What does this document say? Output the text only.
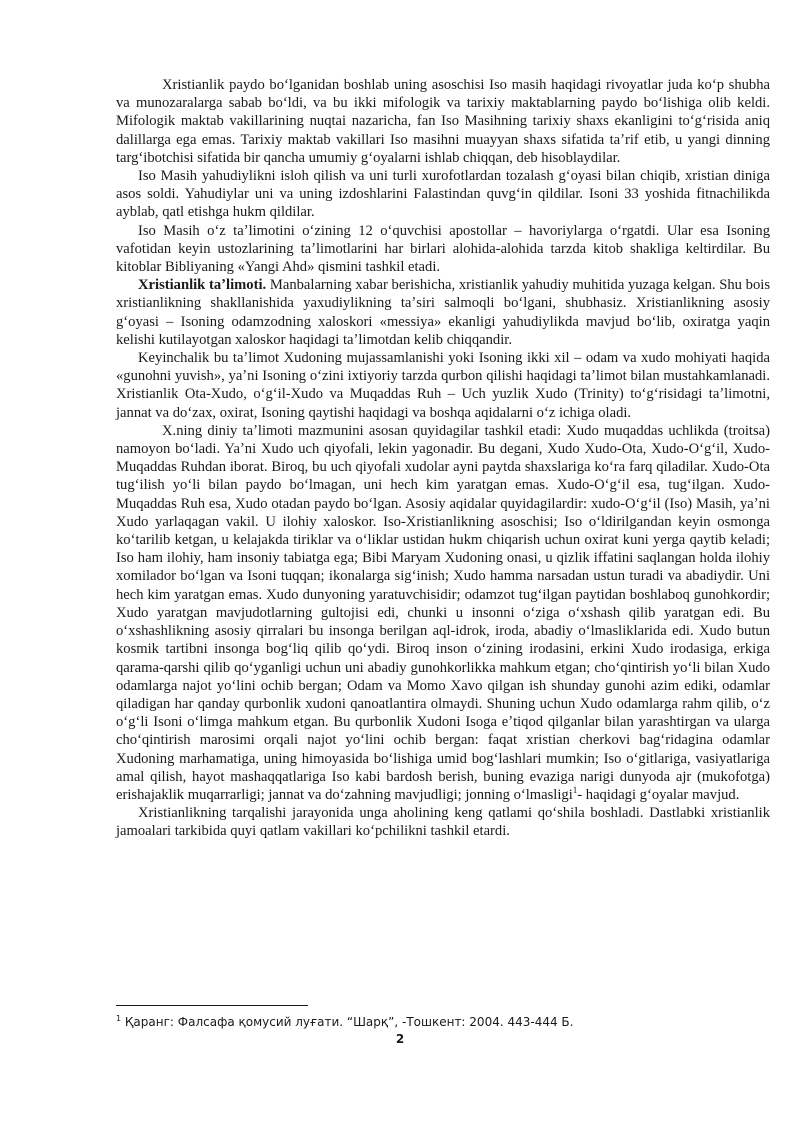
Xristianlik paydo boʻlganidan boshlab uning asoschisi Iso masih haqidagi rivoyatlar juda koʻp shubha va munozaralarga sabab boʻldi, va bu ikki mifologik va tarixiy maktablarning paydo boʻlishiga olib keldi. Mifologik maktab vakillarining nuqtai nazaricha, fan Iso Masihning tarixiy shaxs ekanligini toʻgʻrisida aniq dalillarga ega emas. Tarixiy maktab vakillari Iso masihni muayyan shaxs sifatida taʼrif etib, u yangi dinning targʻibotchisi sifatida bir qancha umumiy gʻoyalarni ishlab chiqqan, deb hisoblaydilar.

Iso Masih yahudiylikni isloh qilish va uni turli xurofotlardan tozalash gʻoyasi bilan chiqib, xristian diniga asos soldi. Yahudiylar uni va uning izdoshlarini Falastindan quvgʻin qildilar. Isoni 33 yoshida fitnachilikda ayblab, qatl etishga hukm qildilar.

Iso Masih oʻz taʼlimotini oʻzining 12 oʻquvchisi apostollar – havoriylarga oʻrgatdi. Ular esa Isoning vafotidan keyin ustozlarining taʼlimotlarini har birlari alohida-alohida tarzda kitob shakliga keltirdilar. Bu kitoblar Bibliyaning «Yangi Ahd» qismini tashkil etadi.

Xristianlik taʼlimoti. Manbalarning xabar berishicha, xristianlik yahudiy muhitida yuzaga kelgan. Shu bois xristianlikning shakllanishida yaxudiylikning taʼsiri salmoqli boʻlgani, shubhasiz. Xristianlikning asosiy gʻoyasi – Isoning odamzodning xaloskori «messiya» ekanligi yahudiylikda mavjud boʻlib, oxiratga yaqin kelishi kutilayotgan xaloskor haqidagi taʼlimotdan kelib chiqqandir.

Keyinchalik bu taʼlimot Xudoning mujassamlanishi yoki Isoning ikki xil – odam va xudo mohiyati haqida «gunohni yuvish», yaʼni Isoning oʻzini ixtiyoriy tarzda qurbon qilishi haqidagi taʼlimot bilan mustahkamlanadi. Xristianlik Ota-Xudo, oʻgʻil-Xudo va Muqaddas Ruh – Uch yuzlik Xudo (Trinity) toʻgʻrisidagi taʼlimotni, jannat va doʻzax, oxirat, Isoning qaytishi haqidagi va boshqa aqidalarni oʻz ichiga oladi.

X.ning diniy taʼlimoti mazmunini asosan quyidagilar tashkil etadi: Xudo muqaddas uchlikda (troitsa) namoyon boʻladi. Yaʼni Xudo uch qiyofali, lekin yagonadir. Bu degani, Xudo Xudo-Ota, Xudo-Oʻgʻil, Xudo-Muqaddas Ruhdan iborat. Biroq, bu uch qiyofali xudolar ayni paytda shaxslariga koʻra farq qiladilar. Xudo-Ota tugʻilish yoʻli bilan paydo boʻlmagan, uni hech kim yaratgan emas. Xudo-Oʻgʻil esa, tugʻilgan. Xudo-Muqaddas Ruh esa, Xudo otadan paydo boʻlgan. Asosiy aqidalar quyidagilardir: xudo-Oʻgʻil (Iso) Masih, yaʼni Xudo yarlaqagan vakil. U ilohiy xaloskor. Iso-Xristianlikning asoschisi; Iso oʻldirilgandan keyin osmonga koʻtarilib ketgan, u kelajakda tiriklar va oʻliklar ustidan hukm chiqarish uchun oxirat kuni yerga qaytib keladi; Iso ham ilohiy, ham insoniy tabiatga ega; Bibi Maryam Xudoning onasi, u qizlik iffatini saqlangan holda ilohiy xomilador boʻlgan va Isoni tuqqan; ikonalarga sigʻinish; Xudo hamma narsadan ustun turadi va abadiydir. Uni hech kim yaratgan emas. Xudo dunyoning yaratuvchisidir; odamzot tugʻilgan paytidan boshlaboq gunohkordir; Xudo yaratgan mavjudotlarning gultojisi edi, chunki u insonni oʻziga oʻxshash qilib yaratgan edi. Bu oʻxshashlikning asosiy qirralari bu insonga berilgan aql-idrok, iroda, abadiy oʻlmasliklarida edi. Xudo butun kosmik tartibni insonga bogʻliq qilib qoʻydi. Biroq inson oʻzining irodasini, erkini Xudo irodasiga, erkiga qarama-qarshi qilib qoʻyganligi uchun uni abadiy gunohkorlikka mahkum etgan; choʻqintirish yoʻli bilan Xudo odamlarga najot yoʻlini ochib bergan; Odam va Momo Xavo qilgan ish shunday gunohi azim ediki, odamlar qiladigan har qanday qurbonlik xudoni qanoatlantira olmaydi. Shuning uchun Xudo odamlarga rahm qilib, oʻz oʻgʻli Isoni oʻlimga mahkum etgan. Bu qurbonlik Xudoni Isoga eʼtiqod qilganlar bilan yarashtirgan va ularga choʻqintirish marosimi orqali najot yoʻlini ochib bergan: faqat xristian cherkovi bagʻridagina odamlar Xudoning marhamatiga, uning himoyasida boʻlishiga umid bogʻlashlari mumkin; Iso oʻgitlariga, vasiyatlariga amal qilish, hayot mashaqqatlariga Iso kabi bardosh berish, buning evaziga narigi dunyoda ajr (mukofotga) erishajaklik muqarrarligi; jannat va doʻzahning mavjudligi; jonning oʻlmasligi$^1$- haqidagi gʻoyalar mavjud.

Xristianlikning tarqalishi jarayonida unga aholining keng qatlami qoʻshila boshladi. Dastlabki xristianlik jamoalari tarkibida quyi qatlam vakillari koʻpchilikni tashkil etardi.

$^1$ Қаранг: Фалсафа қомусий луғати. “Шарқ”, -Тошкент: 2004. 443-444 Б.
2
